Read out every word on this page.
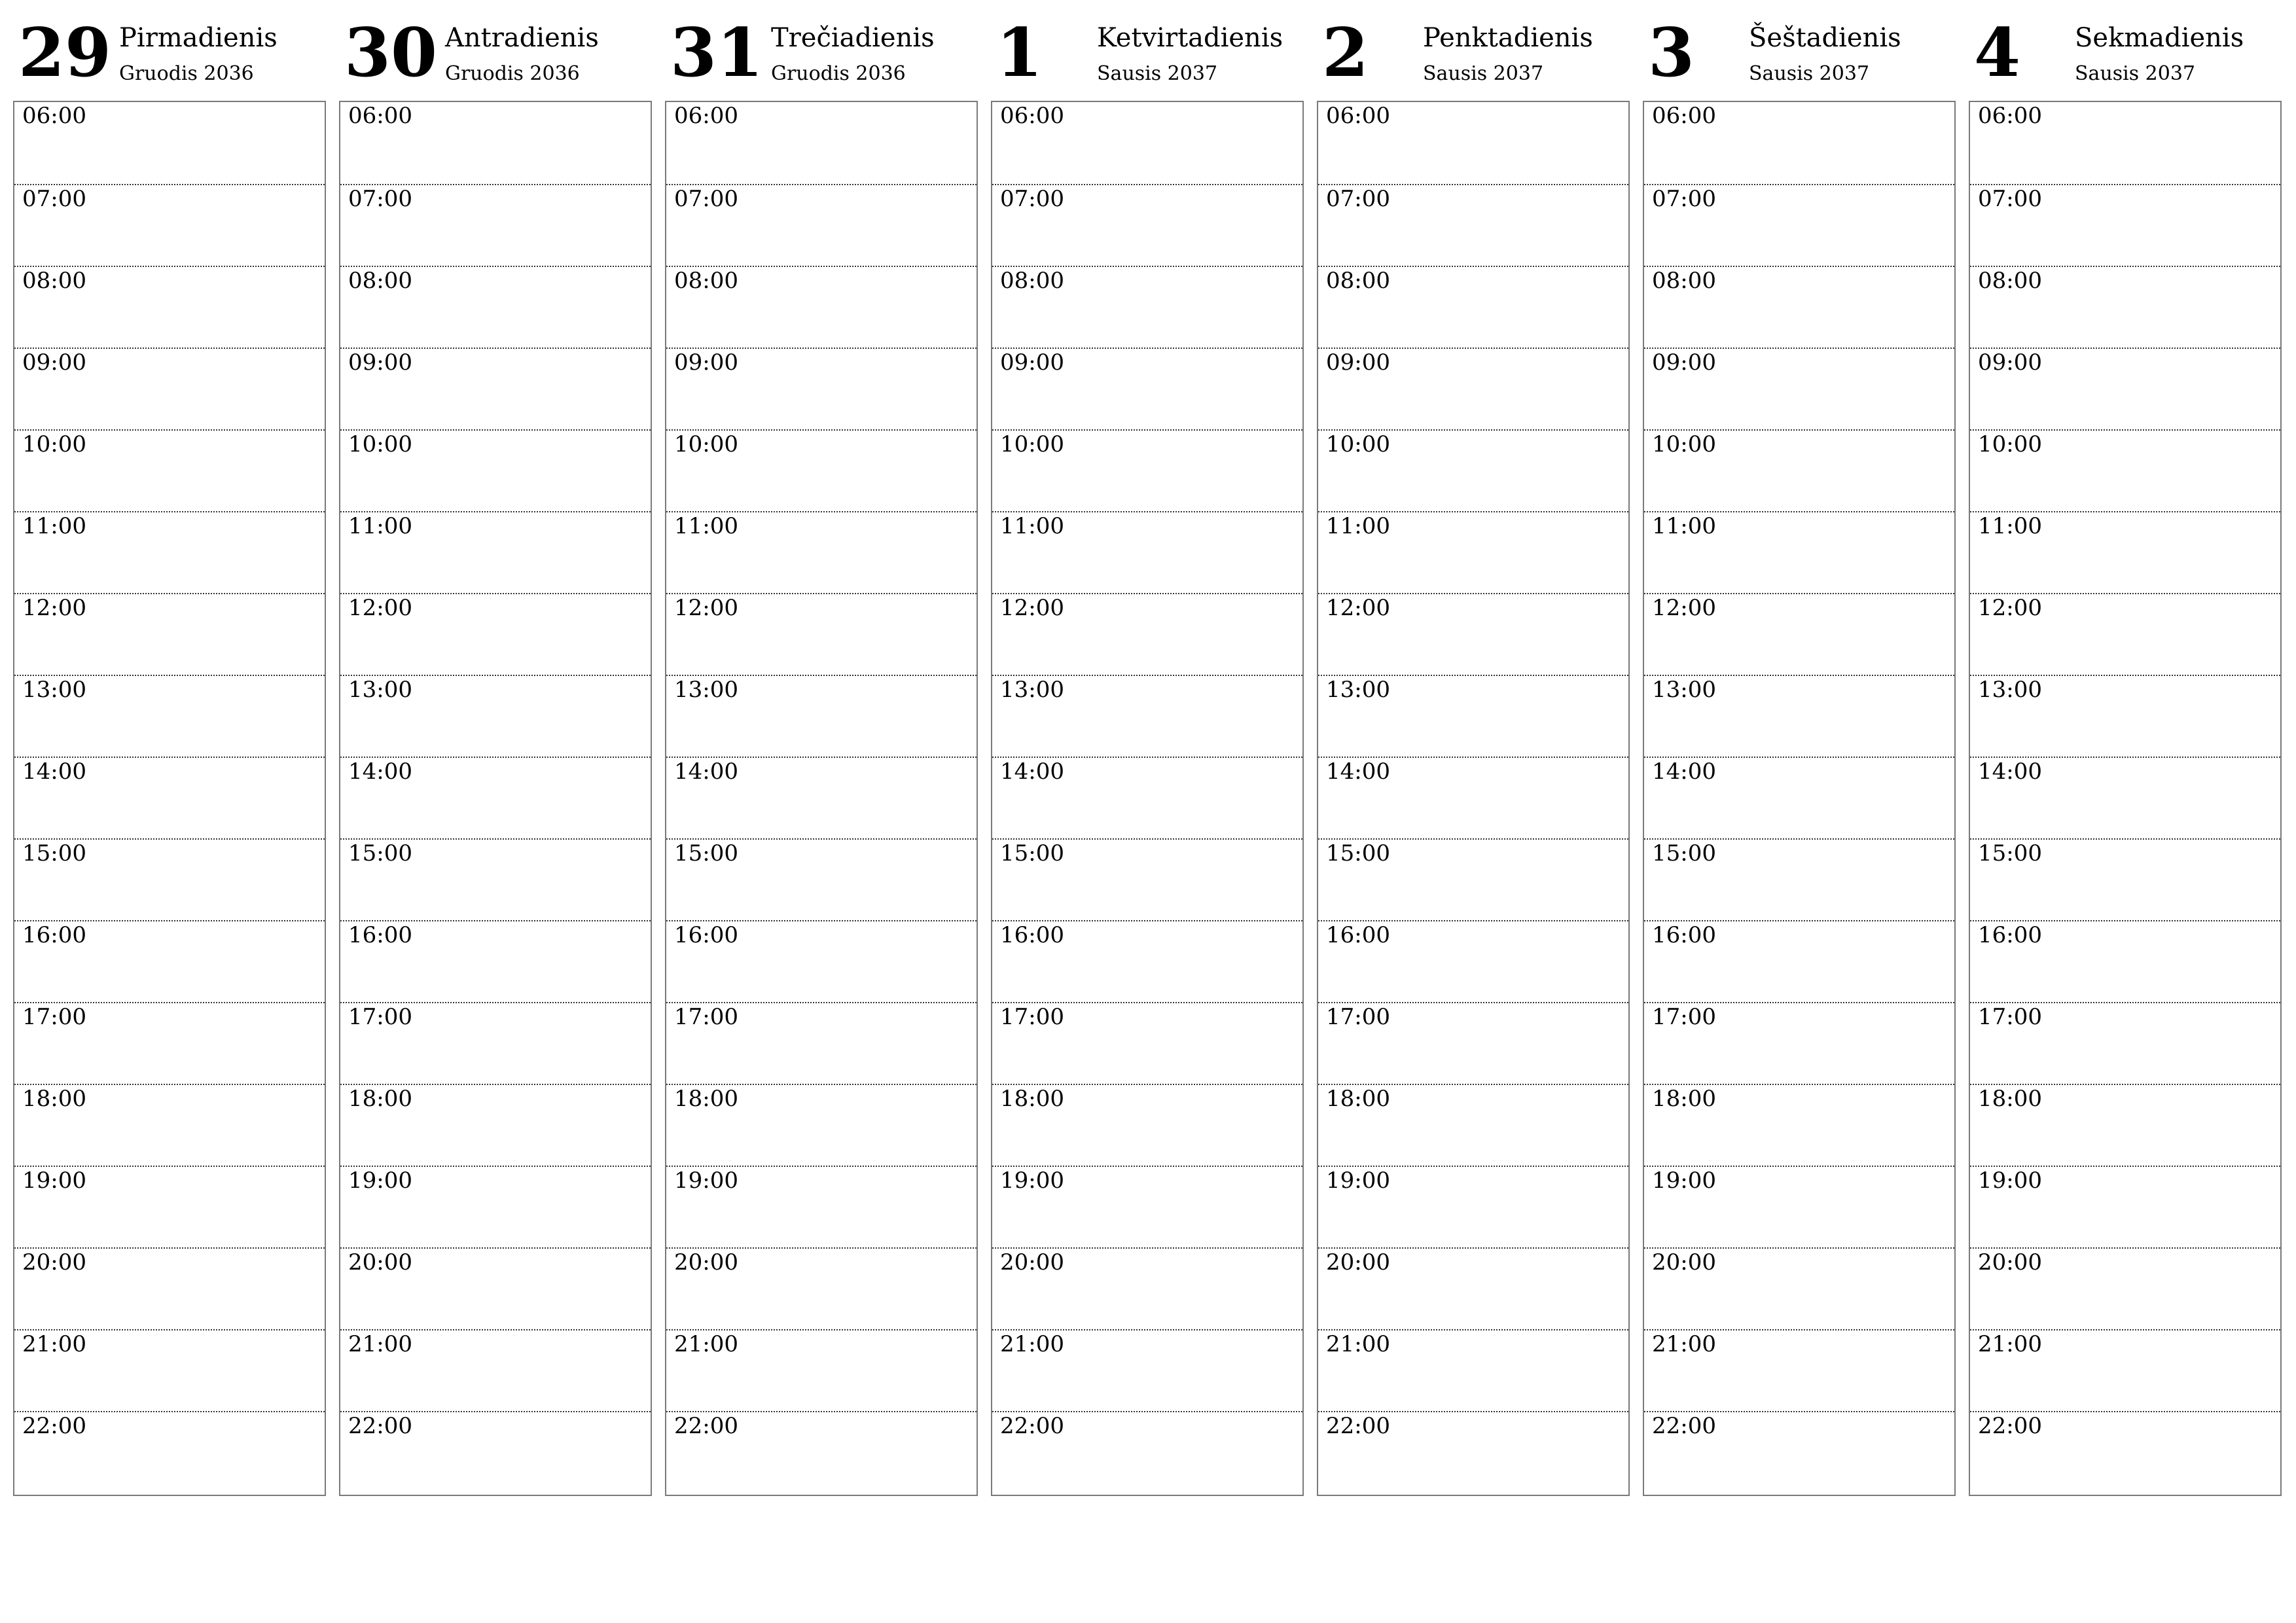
29 Pirmadienis
Gruodis 2036
06:00
07:00
08:00
09:00
10:00
11:00
12:00
13:00
14:00
15:00
16:00
17:00
18:00
19:00
20:00
21:00
22:00
30 Antradienis
Gruodis 2036
06:00
07:00
08:00
09:00
10:00
11:00
12:00
13:00
14:00
15:00
16:00
17:00
18:00
19:00
20:00
21:00
22:00
31 Trečiadienis
Gruodis 2036
06:00
07:00
08:00
09:00
10:00
11:00
12:00
13:00
14:00
15:00
16:00
17:00
18:00
19:00
20:00
21:00
22:00
1 Ketvirtadienis
Sausis 2037
06:00
07:00
08:00
09:00
10:00
11:00
12:00
13:00
14:00
15:00
16:00
17:00
18:00
19:00
20:00
21:00
22:00
2 Penktadienis
Sausis 2037
06:00
07:00
08:00
09:00
10:00
11:00
12:00
13:00
14:00
15:00
16:00
17:00
18:00
19:00
20:00
21:00
22:00
3 Šeštadienis
Sausis 2037
06:00
07:00
08:00
09:00
10:00
11:00
12:00
13:00
14:00
15:00
16:00
17:00
18:00
19:00
20:00
21:00
22:00
4 Sekmadienis
Sausis 2037
06:00
07:00
08:00
09:00
10:00
11:00
12:00
13:00
14:00
15:00
16:00
17:00
18:00
19:00
20:00
21:00
22:00
